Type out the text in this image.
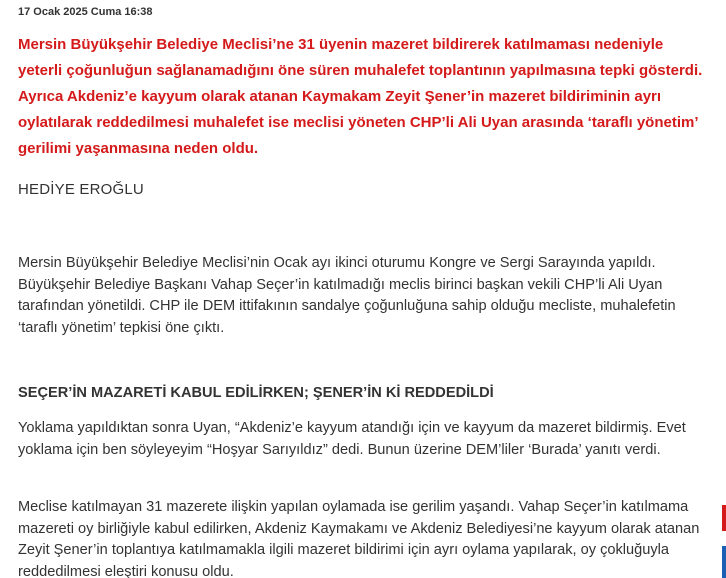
17 Ocak 2025 Cuma 16:38
Mersin Büyükşehir Belediye Meclisi’ne 31 üyenin mazeret bildirerek katılmaması nedeniyle yeterli çoğunluğun sağlanamadığını öne süren muhalefet toplantının yapılmasına tepki gösterdi. Ayrıca Akdeniz’e kayyum olarak atanan Kaymakam Zeyit Şener’in mazeret bildiriminin ayrı oylatılarak reddedilmesi muhalefet ise meclisi yöneten CHP’li Ali Uyan arasında ‘taraflı yönetim’ gerilimi yaşanmasına neden oldu.
HEDİYE EROĞLU
Mersin Büyükşehir Belediye Meclisi’nin Ocak ayı ikinci oturumu Kongre ve Sergi Sarayında yapıldı. Büyükşehir Belediye Başkanı Vahap Seçer’in katılmadığı meclis birinci başkan vekili CHP’li Ali Uyan tarafından yönetildi. CHP ile DEM ittifakının sandalye çoğunluğuna sahip olduğu mecliste, muhalefetin ‘taraflı yönetim’ tepkisi öne çıktı.
SEÇER’İN MAZARETİ KABUL EDİLİRKEN; ŞENER’İN Kİ REDDEDİLDİ
Yoklama yapıldıktan sonra Uyan, “Akdeniz’e kayyum atandığı için ve kayyum da mazeret bildirmiş. Evet yoklama için ben söyleyeyim “Hoşyar Sarıyıldız” dedi. Bunun üzerine DEM’liler ‘Burada’ yanıtı verdi.
Meclise katılmayan 31 mazerete ilişkin yapılan oylamada ise gerilim yaşandı. Vahap Seçer’in katılmama mazereti oy birliğiyle kabul edilirken, Akdeniz Kaymakamı ve Akdeniz Belediyesi’ne kayyum olarak atanan Zeyit Şener’in toplantıya katılmamakla ilgili mazeret bildirimi için ayrı oylama yapılarak, oy çokluğuyla reddedilmesi eleştiri konusu oldu.
